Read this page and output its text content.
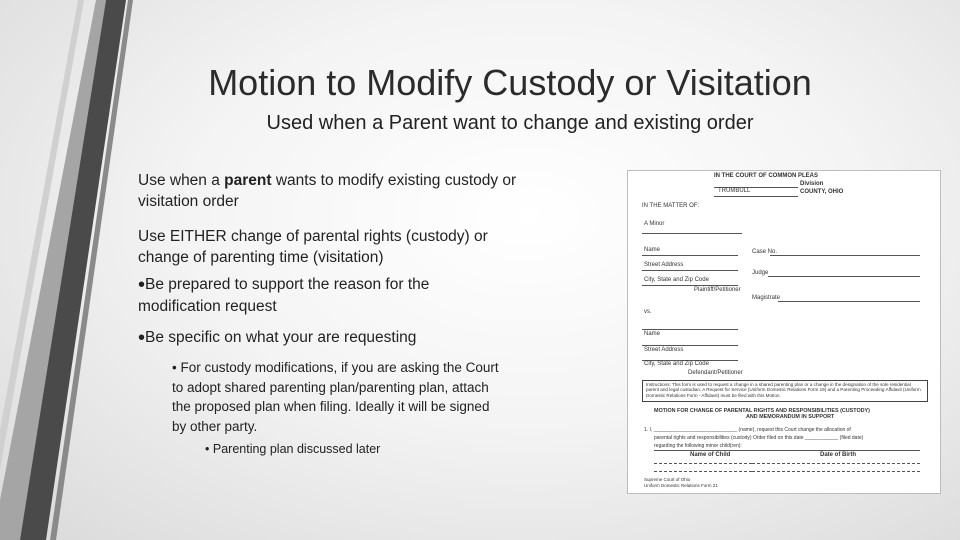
Motion to Modify Custody or Visitation
Used when a Parent want to change and existing order

Use when a parent wants to modify existing custody or visitation order

Use EITHER change of parental rights (custody) or change of parenting time (visitation)

•Be prepared to support the reason for the modification request
•Be specific on what your are requesting
• For custody modifications, if you are asking the Court to adopt shared parenting plan/parenting plan, attach the proposed plan when filing. Ideally it will be signed by other party.
• Parenting plan discussed later
IN THE COURT OF COMMON PLEAS
Division
TRUMBULL	COUNTY, OHIO
IN THE MATTER OF:
A Minor
Name	Case No.
Street Address
Judge
City, State and Zip Code
Plaintiff/Petitioner
Magistrate
vs.
Name
Street Address
City, State and Zip Code
Defendant/Petitioner
Instructions: This form is used to request a change in a shared parenting plan or a change in the designation of the sole residential parent and legal custodian. A Request for Service (Uniform Domestic Relations Form 19) and a Parenting Proceeding Affidavit (Uniform Domestic Relations Form - Affidavit) must be filed with this Motion.
MOTION FOR CHANGE OF PARENTAL RIGHTS AND RESPONSIBILITIES (CUSTODY)
AND MEMORANDUM IN SUPPORT
1. I, ______________________________ (name), request this Court change the allocation of
parental rights and responsibilities (custody) Order filed on this date ____________ (filed date)
regarding the following minor child(ren):
Name of Child	Date of Birth
Supreme Court of Ohio
Uniform Domestic Relations Form 21
